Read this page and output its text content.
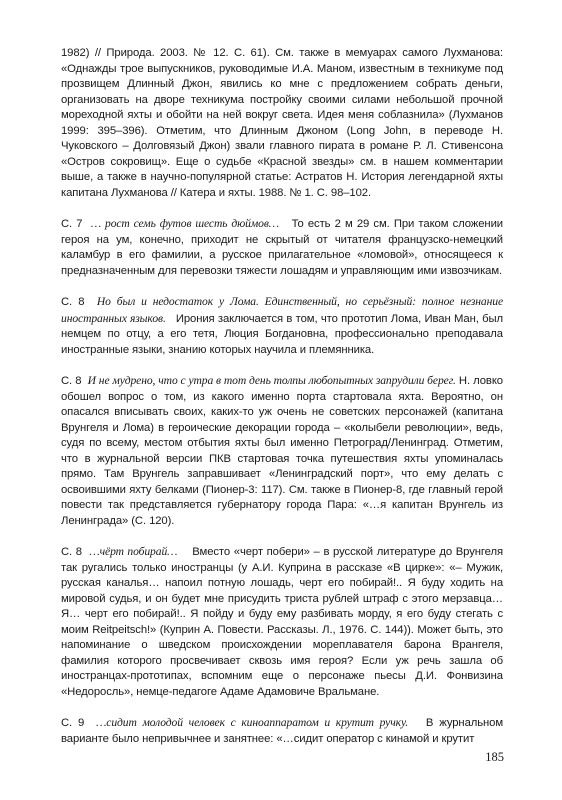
1982) // Природа. 2003. № 12. С. 61). См. также в мемуарах самого Лухманова: «Однажды трое выпускников, руководимые И.А. Маном, известным в техникуме под прозвищем Длинный Джон, явились ко мне с предложением собрать деньги, организовать на дворе техникума постройку своими силами небольшой прочной мореходной яхты и обойти на ней вокруг света. Идея меня соблазнила» (Лухманов 1999: 395–396). Отметим, что Длинным Джоном (Long John, в переводе Н. Чуковского – Долговязый Джон) звали главного пирата в романе Р. Л. Стивенсона «Остров сокровищ». Еще о судьбе «Красной звезды» см. в нашем комментарии выше, а также в научно-популярной статье: Астратов Н. История легендарной яхты капитана Лухманова // Катера и яхты. 1988. № 1. С. 98–102.

С. 7 … рост семь футов шесть дюймов… То есть 2 м 29 см. При таком сложении героя на ум, конечно, приходит не скрытый от читателя французско-немецкий каламбур в его фамилии, а русское прилагательное «ломовой», относящееся к предназначенным для перевозки тяжести лошадям и управляющим ими извозчикам.

С. 8 Но был и недостаток у Лома. Единственный, но серьёзный: полное незнание иностранных языков. Ирония заключается в том, что прототип Лома, Иван Ман, был немцем по отцу, а его тетя, Люция Богдановна, профессионально преподавала иностранные языки, знанию которых научила и племянника.

С. 8 И не мудрено, что с утра в тот день толпы любопытных запрудили берег. Н. ловко обошел вопрос о том, из какого именно порта стартовала яхта. Вероятно, он опасался вписывать своих, каких-то уж очень не советских персонажей (капитана Врунгеля и Лома) в героические декорации города – «колыбели революции», ведь, судя по всему, местом отбытия яхты был именно Петроград/Ленинград. Отметим, что в журнальной версии ПКВ стартовая точка путешествия яхты упоминалась прямо. Там Врунгель заправшивает «Ленинградский порт», что ему делать с освоившими яхту белками (Пионер-3: 117). См. также в Пионер-8, где главный герой повести так представляется губернатору города Пара: «…я капитан Врунгель из Ленинграда» (С. 120).

С. 8 …чёрт побирай… Вместо «черт побери» – в русской литературе до Врунгеля так ругались только иностранцы (у А.И. Куприна в рассказе «В цирке»: «– Мужик, русская каналья… напоил потную лошадь, черт его побирай!.. Я буду ходить на мировой судья, и он будет мне присудить триста рублей штраф с этого мерзавца… Я… черт его побирай!.. Я пойду и буду ему разбивать морду, я его буду стегать с моим Reitpeitsch!» (Куприн А. Повести. Рассказы. Л., 1976. С. 144)). Может быть, это напоминание о шведском происхождении мореплавателя барона Врангеля, фамилия которого просвечивает сквозь имя героя? Если уж речь зашла об иностранцах-прототипах, вспомним еще о персонаже пьесы Д.И. Фонвизина «Недоросль», немце-педагоге Адаме Адамовиче Вральмане.

С. 9 …сидит молодой человек с киноаппаратом и крутит ручку. В журнальном варианте было непривычнее и занятнее: «…сидит оператор с кинамой и крутит

185
